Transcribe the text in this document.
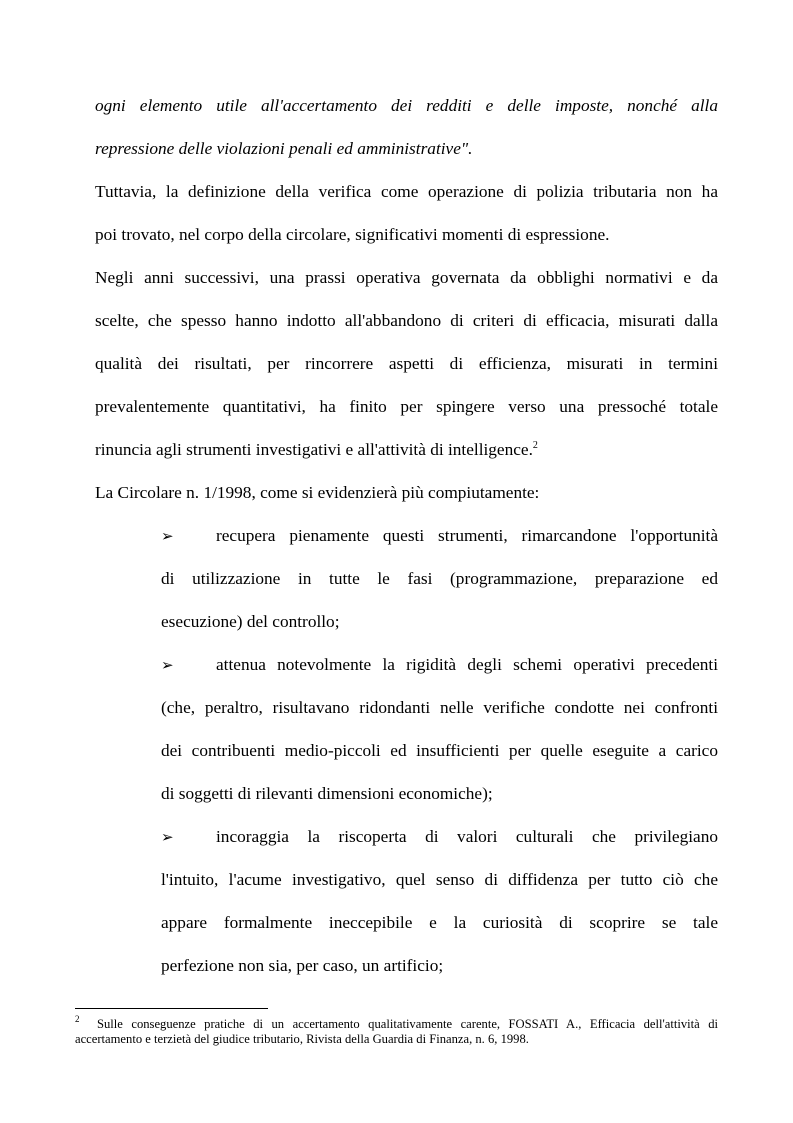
ogni elemento utile all'accertamento dei redditi e delle imposte, nonché alla
repressione delle violazioni penali ed amministrative".
Tuttavia, la definizione della verifica come operazione di polizia tributaria non ha
poi trovato, nel corpo della circolare, significativi momenti di espressione.
Negli anni successivi, una prassi operativa governata da obblighi normativi e da
scelte, che spesso hanno indotto all'abbandono di criteri di efficacia, misurati dalla
qualità dei risultati, per rincorrere aspetti di efficienza, misurati in termini
prevalentemente quantitativi, ha finito per spingere verso una pressoché totale
rinuncia agli strumenti investigativi e all'attività di intelligence.$^2$
La Circolare n. 1/1998, come si evidenzierà più compiutamente:
➢ recupera pienamente questi strumenti, rimarcandone l'opportunità
di utilizzazione in tutte le fasi (programmazione, preparazione ed
esecuzione) del controllo;
➢ attenua notevolmente la rigidità degli schemi operativi precedenti
(che, peraltro, risultavano ridondanti nelle verifiche condotte nei confronti
dei contribuenti medio-piccoli ed insufficienti per quelle eseguite a carico
di soggetti di rilevanti dimensioni economiche);
➢ incoraggia la riscoperta di valori culturali che privilegiano
l'intuito, l'acume investigativo, quel senso di diffidenza per tutto ciò che
appare formalmente ineccepibile e la curiosità di scoprire se tale
perfezione non sia, per caso, un artificio;
2 Sulle conseguenze pratiche di un accertamento qualitativamente carente, FOSSATI A., Efficacia dell'attività di
accertamento e terzietà del giudice tributario, Rivista della Guardia di Finanza, n. 6, 1998.
